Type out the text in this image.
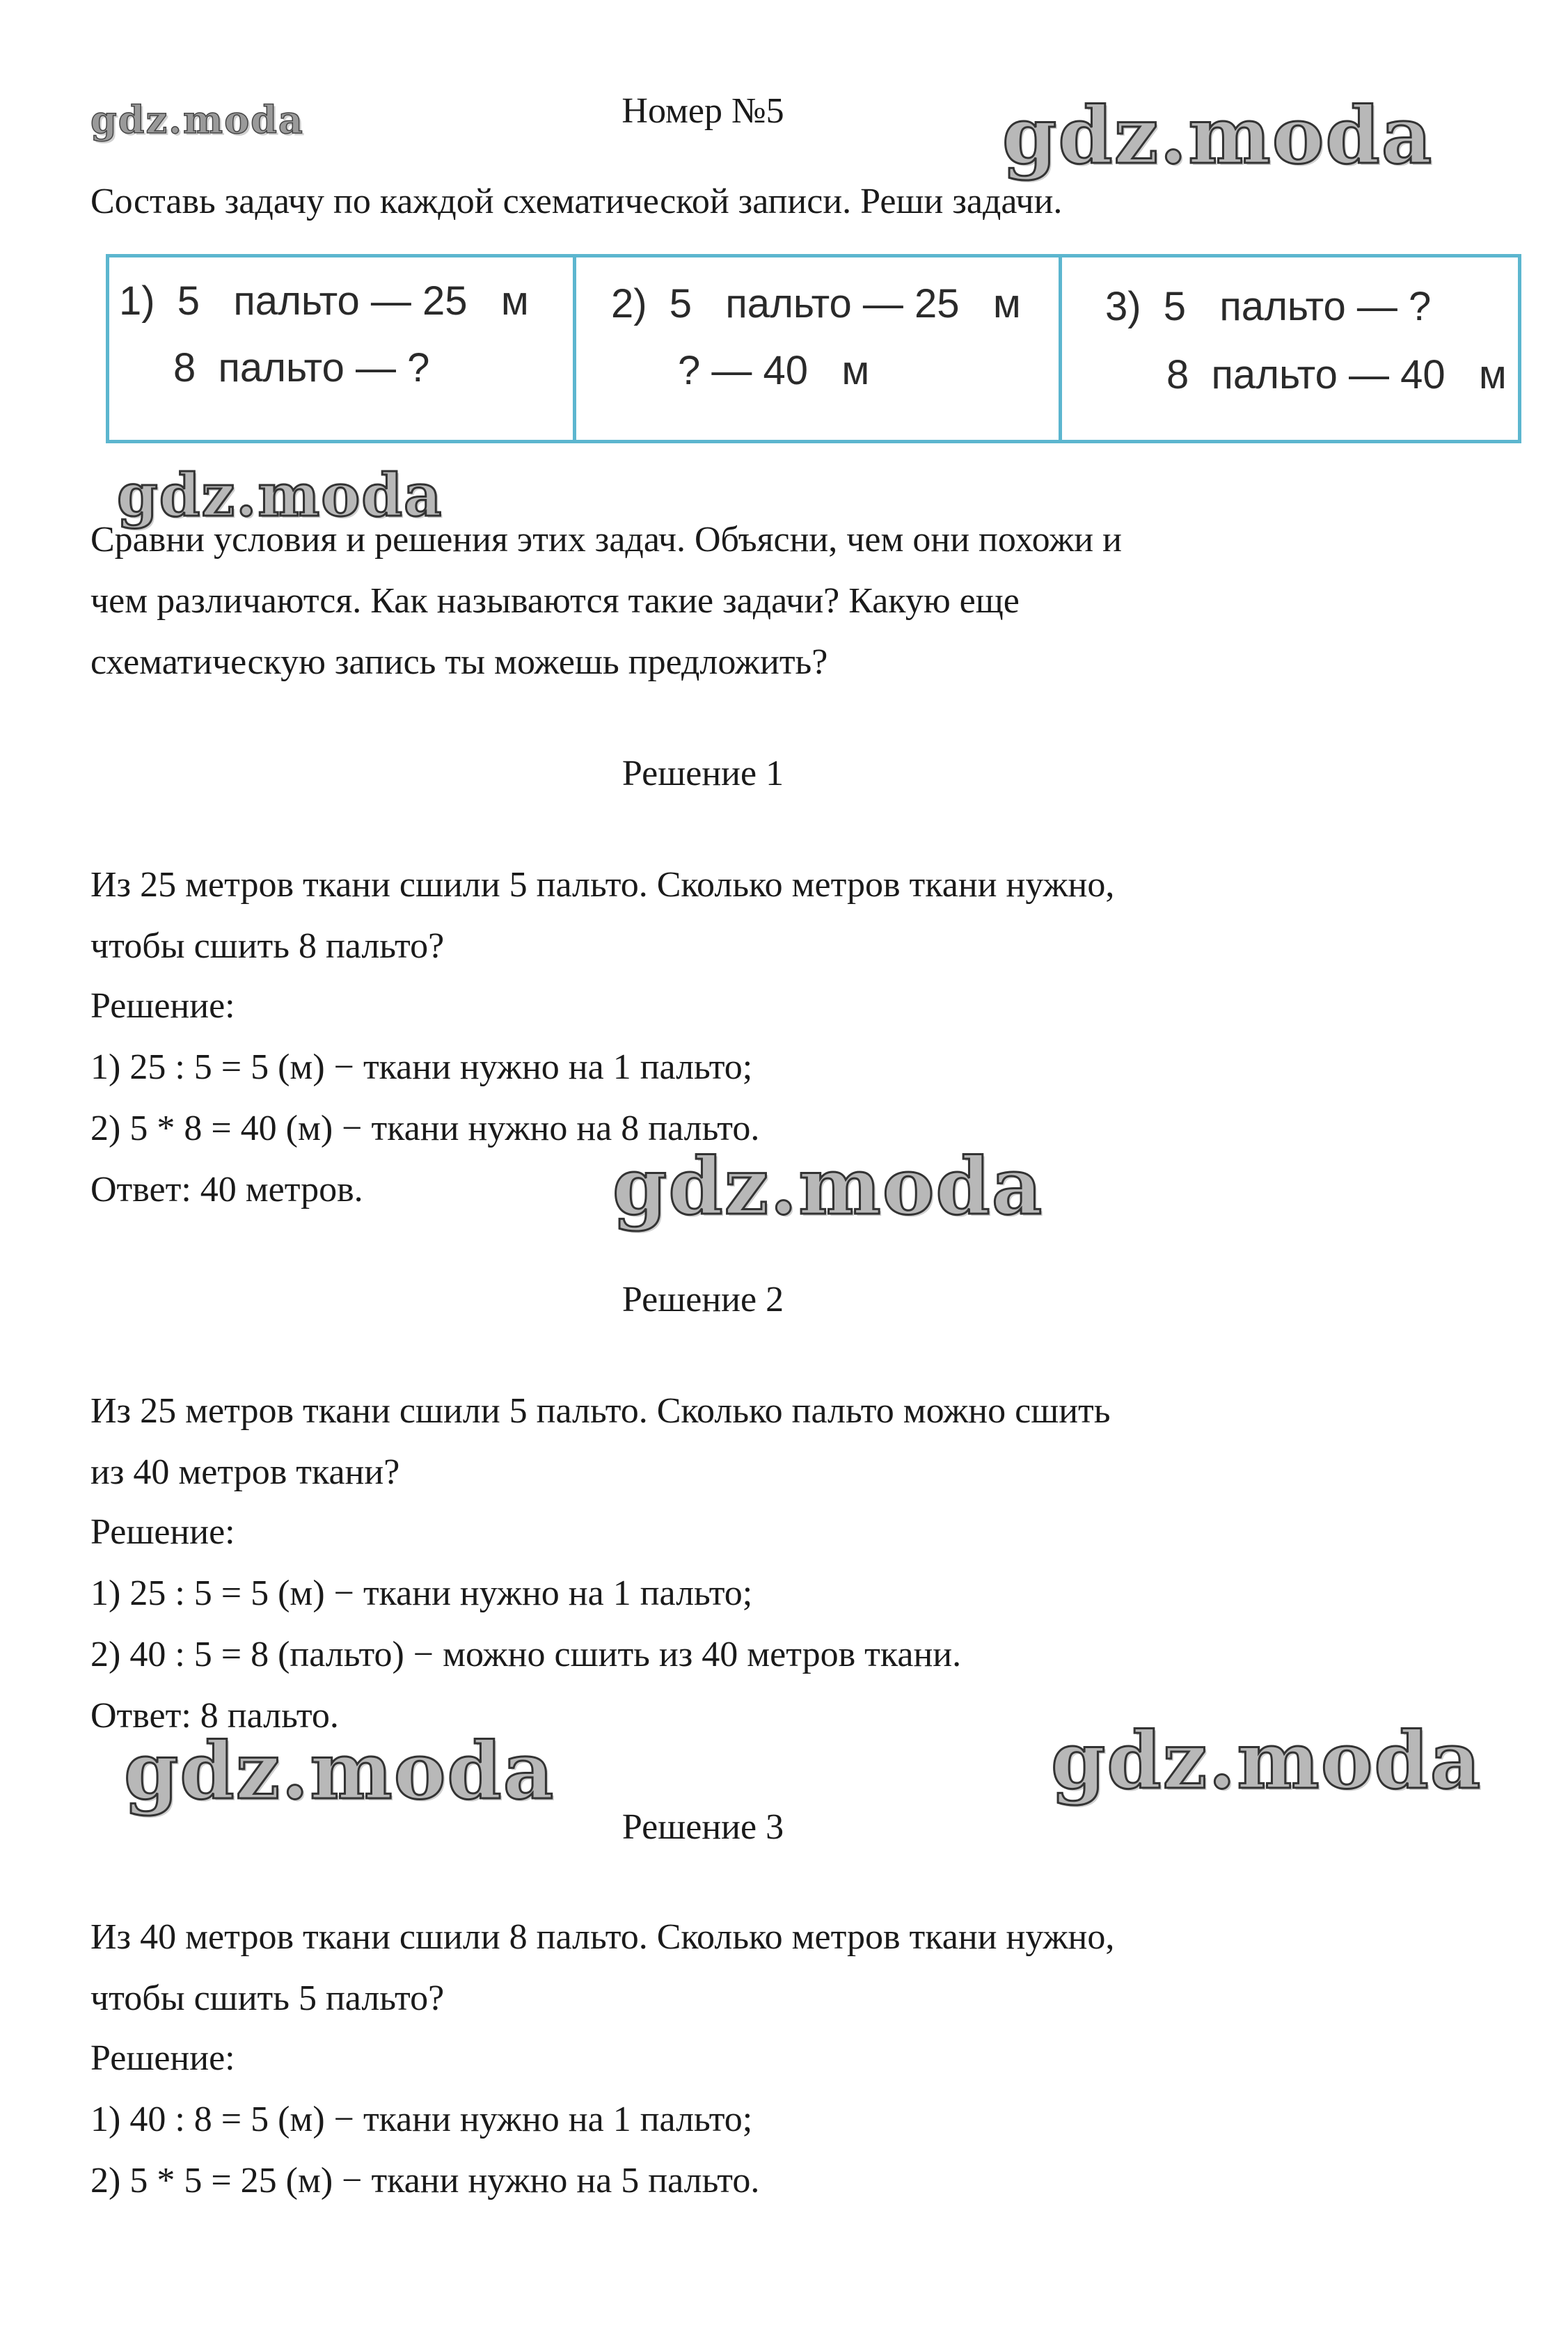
gdz.moda	gdz.moda
gdz.moda
gdz.moda
gdz.moda	gdz.moda
Номер №5
Составь задачу по каждой схематической записи. Реши задачи.
1)  5   пальто — 25   м
8  пальто — ?
2)  5   пальто — 25   м
? — 40   м
3)  5   пальто — ?
8  пальто — 40   м
Сравни условия и решения этих задач. Объясни, чем они похожи и
чем различаются. Как называются такие задачи? Какую еще
схематическую запись ты можешь предложить?
Решение 1
Из 25 метров ткани сшили 5 пальто. Сколько метров ткани нужно,
чтобы сшить 8 пальто?
Решение:
1) 25 : 5 = 5 (м) − ткани нужно на 1 пальто;
2) 5 * 8 = 40 (м) − ткани нужно на 8 пальто.
Ответ: 40 метров.
Решение 2
Из 25 метров ткани сшили 5 пальто. Сколько пальто можно сшить
из 40 метров ткани?
Решение:
1) 25 : 5 = 5 (м) − ткани нужно на 1 пальто;
2) 40 : 5 = 8 (пальто) − можно сшить из 40 метров ткани.
Ответ: 8 пальто.
Решение 3
Из 40 метров ткани сшили 8 пальто. Сколько метров ткани нужно,
чтобы сшить 5 пальто?
Решение:
1) 40 : 8 = 5 (м) − ткани нужно на 1 пальто;
2) 5 * 5 = 25 (м) − ткани нужно на 5 пальто.
